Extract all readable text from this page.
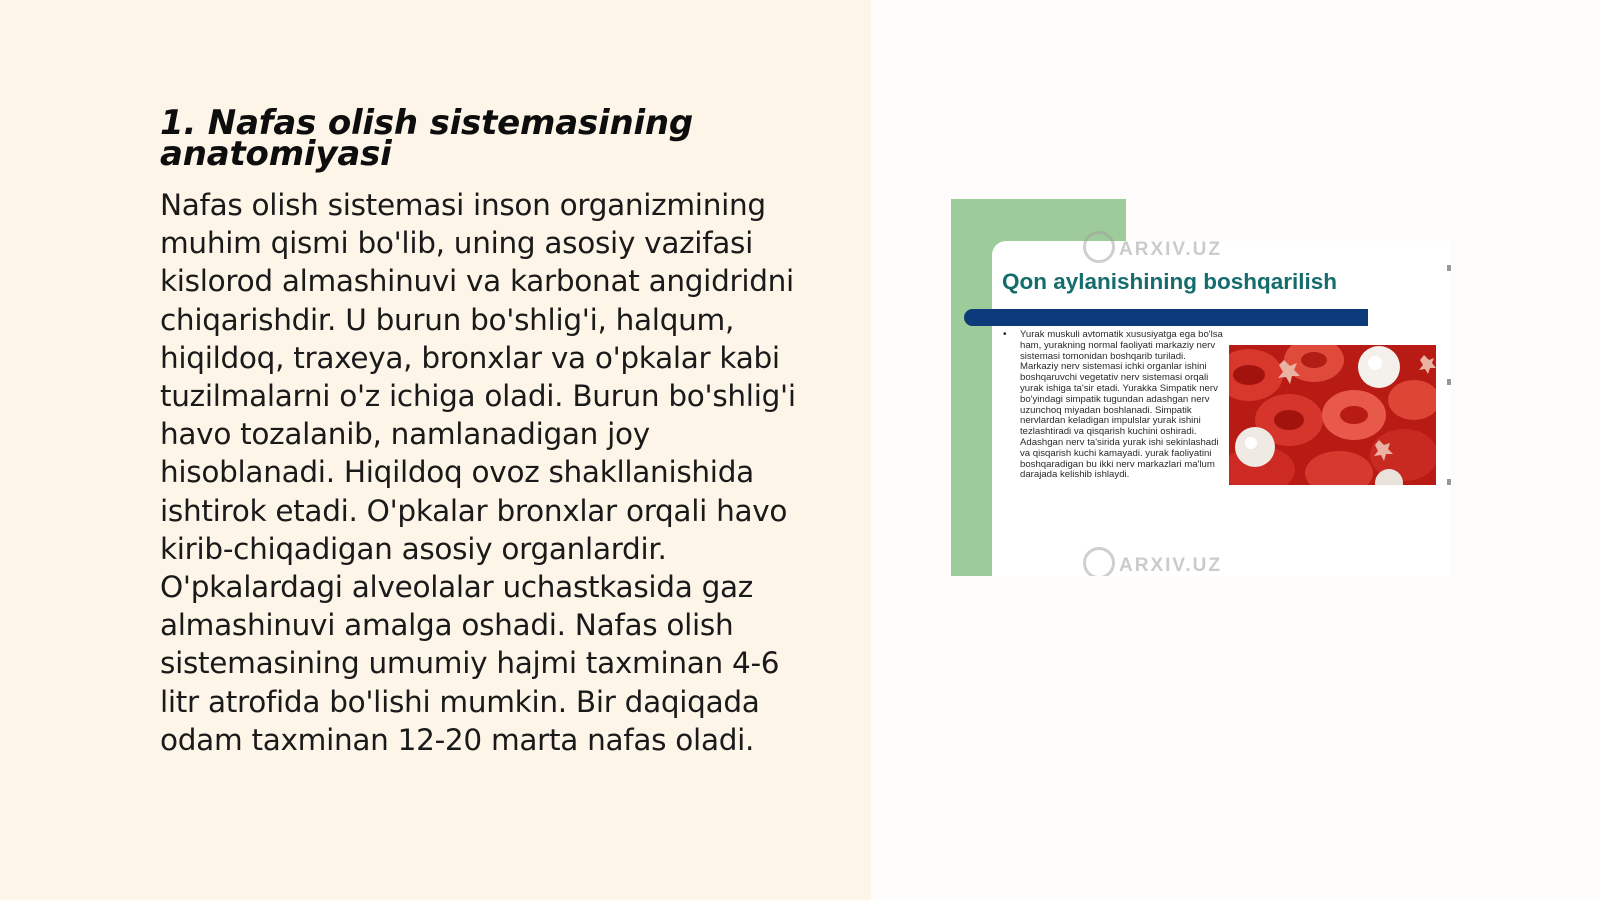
1. Nafas olish sistemasining anatomiyasi

Nafas olish sistemasi inson organizmining muhim qismi bo'lib, uning asosiy vazifasi kislorod almashinuvi va karbonat angidridni chiqarishdir. U burun bo'shlig'i, halqum, hiqildoq, traxeya, bronxlar va o'pkalar kabi tuzilmalarni o'z ichiga oladi. Burun bo'shlig'i havo tozalanib, namlanadigan joy hisoblanadi. Hiqildoq ovoz shakllanishida ishtirok etadi. O'pkalar bronxlar orqali havo kirib-chiqadigan asosiy organlardir. O'pkalardagi alveolalar uchastkasida gaz almashinuvi amalga oshadi. Nafas olish sistemasining umumiy hajmi taxminan 4-6 litr atrofida bo'lishi mumkin. Bir daqiqada odam taxminan 12-20 marta nafas oladi.

ARXIV.UZ
Qon aylanishining boshqarilish
• Yurak muskuli avtomatik xususiyatga ega bo'lsa ham, yurakning normal faoliyati markaziy nerv sistemasi tomonidan boshqarib turiladi. Markaziy nerv sistemasi ichki organlar ishini boshqaruvchi vegetativ nerv sistemasi orqali yurak ishiga ta'sir etadi. Yurakka Simpatik nerv bo'yindagi simpatik tugundan adashgan nerv uzunchoq miyadan boshlanadi. Simpatik nervlardan keladigan impulslar yurak ishini tezlashtiradi va qisqarish kuchini oshiradi. Adashgan nerv ta'sirida yurak ishi sekinlashadi va qisqarish kuchi kamayadi. yurak faoliyatini boshqaradigan bu ikki nerv markazlari ma'lum darajada kelishib ishlaydi.

ARXIV.UZ
